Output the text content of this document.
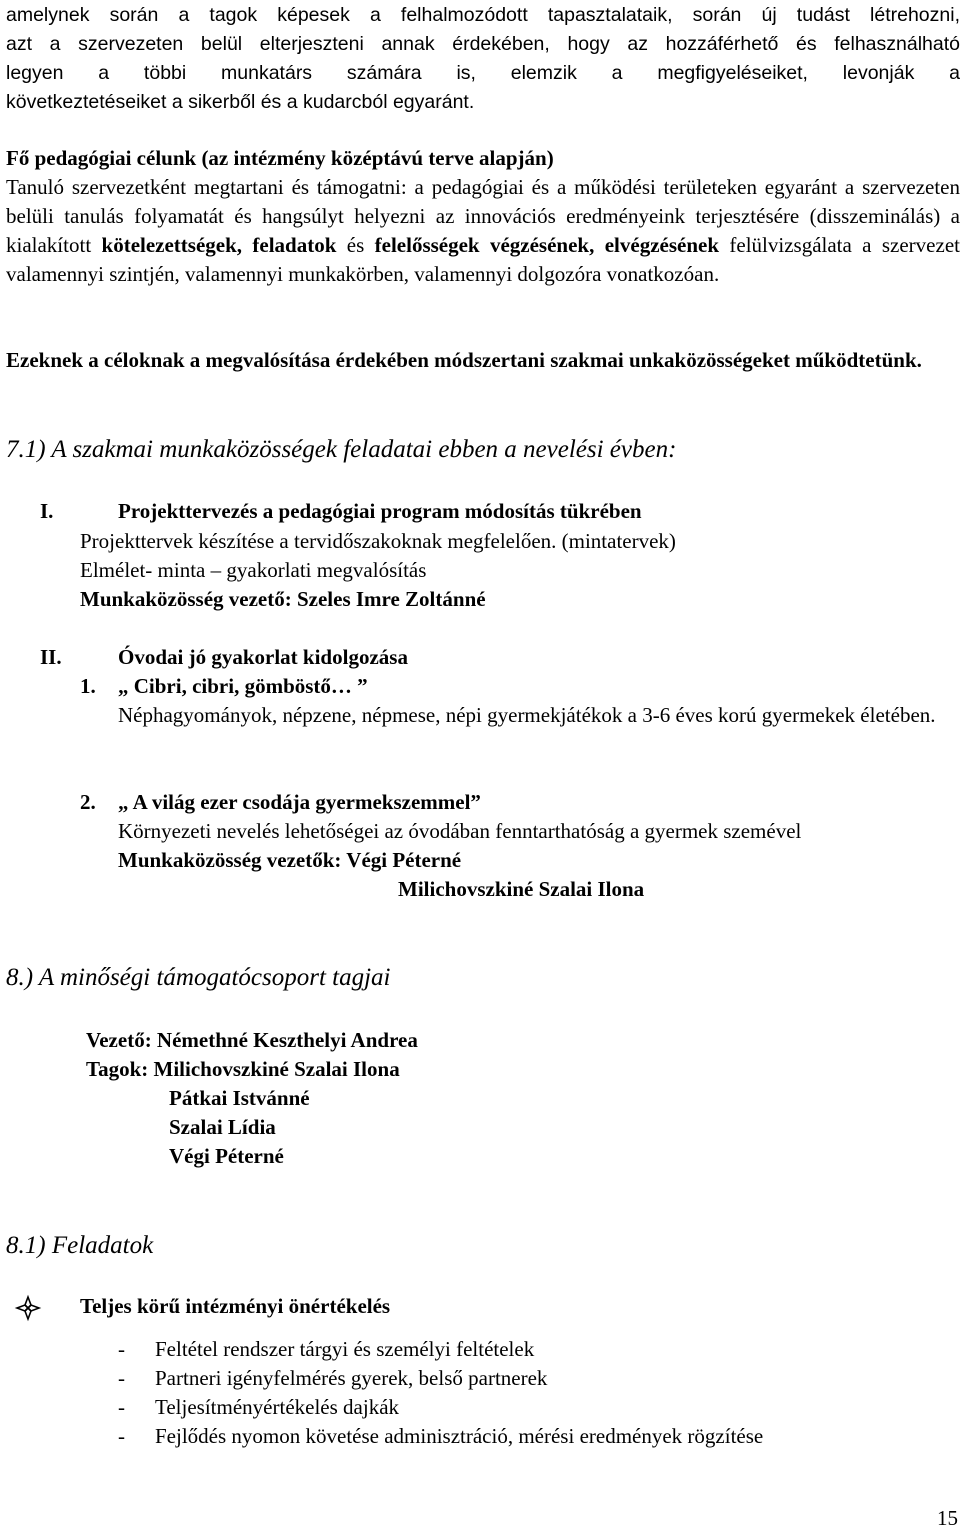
amelynek során a tagok képesek a felhalmozódott tapasztalataik, során új tudást létrehozni,
azt a szervezeten belül elterjeszteni annak érdekében, hogy az hozzáférhető és felhasználható
legyen a többi munkatárs számára is, elemzik a megfigyeléseiket, levonják a
következtetéseiket a sikerből és a kudarcból egyaránt.
Fő pedagógiai célunk (az intézmény középtávú terve alapján)
Tanuló szervezetként megtartani és támogatni: a pedagógiai és a működési területeken egyaránt a szervezeten belüli tanulás folyamatát és hangsúlyt helyezni az innovációs eredményeink terjesztésére (disszeminálás) a kialakított kötelezettségek, feladatok és felelősségek végzésének, elvégzésének felülvizsgálata a szervezet valamennyi szintjén, valamennyi munkakörben, valamennyi dolgozóra vonatkozóan.
Ezeknek a céloknak a megvalósítása érdekében módszertani szakmai unkaközösségeket működtetünk.
7.1) A szakmai munkaközösségek feladatai ebben a nevelési évben:
I.	Projekttervezés a pedagógiai program módosítás tükrében
Projekttervek készítése a tervidőszakoknak megfelelően. (mintatervek)
Elmélet- minta – gyakorlati megvalósítás
Munkaközösség vezető: Szeles Imre Zoltánné
II.	Óvodai jó gyakorlat kidolgozása
1. „ Cibri, cibri, gömböstő… ”
Néphagyományok, népzene, népmese, népi gyermekjátékok a 3-6 éves korú gyermekek életében.
2. „ A világ ezer csodája gyermekszemmel”
Környezeti nevelés lehetőségei az óvodában fenntarthatóság a gyermek szemével
Munkaközösség vezetők: Végi Péterné
Milichovszkiné Szalai Ilona
8.) A minőségi támogatócsoport tagjai
Vezető: Némethné Keszthelyi Andrea
Tagok: Milichovszkiné Szalai Ilona
Pátkai Istvánné
Szalai Lídia
Végi Péterné
8.1) Feladatok
Teljes körű intézményi önértékelés
- Feltétel rendszer tárgyi és személyi feltételek
- Partneri igényfelmérés gyerek, belső partnerek
- Teljesítményértékelés dajkák
- Fejlődés nyomon követése adminisztráció, mérési eredmények rögzítése
15
